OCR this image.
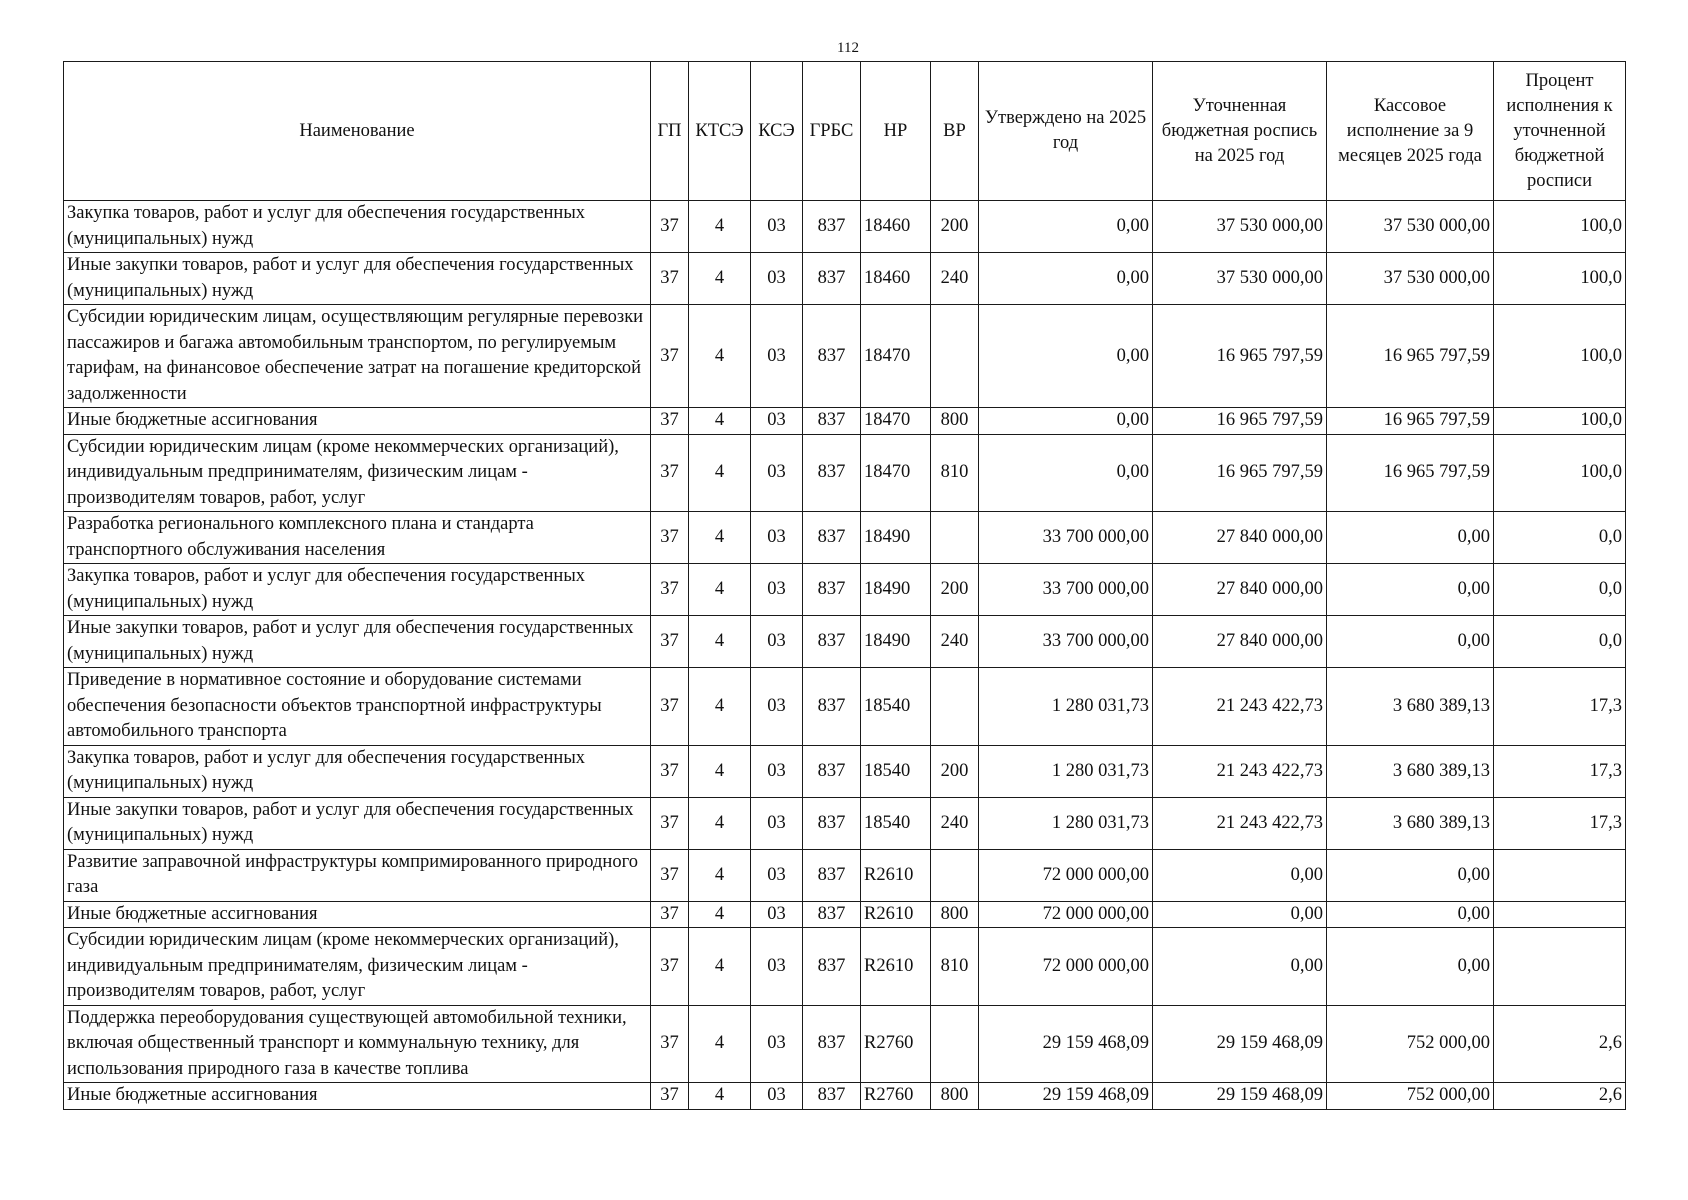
112
Наименование	ГП	КТСЭ	КСЭ	ГРБС	НР	ВР	Утверждено на 2025 год	Уточненная бюджетная роспись на 2025 год	Кассовое исполнение за 9 месяцев 2025 года	Процент исполнения к уточненной бюджетной росписи
Закупка товаров, работ и услуг для обеспечения государственных (муниципальных) нужд	37	4	03	837	18460	200	0,00	37 530 000,00	37 530 000,00	100,0
Иные закупки товаров, работ и услуг для обеспечения государственных (муниципальных) нужд	37	4	03	837	18460	240	0,00	37 530 000,00	37 530 000,00	100,0
Субсидии юридическим лицам, осуществляющим регулярные перевозки пассажиров и багажа автомобильным транспортом, по регулируемым тарифам, на финансовое обеспечение затрат на погашение кредиторской задолженности	37	4	03	837	18470		0,00	16 965 797,59	16 965 797,59	100,0
Иные бюджетные ассигнования	37	4	03	837	18470	800	0,00	16 965 797,59	16 965 797,59	100,0
Субсидии юридическим лицам (кроме некоммерческих организаций), индивидуальным предпринимателям, физическим лицам - производителям товаров, работ, услуг	37	4	03	837	18470	810	0,00	16 965 797,59	16 965 797,59	100,0
Разработка регионального комплексного плана и стандарта транспортного обслуживания населения	37	4	03	837	18490		33 700 000,00	27 840 000,00	0,00	0,0
Закупка товаров, работ и услуг для обеспечения государственных (муниципальных) нужд	37	4	03	837	18490	200	33 700 000,00	27 840 000,00	0,00	0,0
Иные закупки товаров, работ и услуг для обеспечения государственных (муниципальных) нужд	37	4	03	837	18490	240	33 700 000,00	27 840 000,00	0,00	0,0
Приведение в нормативное состояние и оборудование системами обеспечения безопасности объектов транспортной инфраструктуры автомобильного транспорта	37	4	03	837	18540		1 280 031,73	21 243 422,73	3 680 389,13	17,3
Закупка товаров, работ и услуг для обеспечения государственных (муниципальных) нужд	37	4	03	837	18540	200	1 280 031,73	21 243 422,73	3 680 389,13	17,3
Иные закупки товаров, работ и услуг для обеспечения государственных (муниципальных) нужд	37	4	03	837	18540	240	1 280 031,73	21 243 422,73	3 680 389,13	17,3
Развитие заправочной инфраструктуры компримированного природного газа	37	4	03	837	R2610		72 000 000,00	0,00	0,00	
Иные бюджетные ассигнования	37	4	03	837	R2610	800	72 000 000,00	0,00	0,00	
Субсидии юридическим лицам (кроме некоммерческих организаций), индивидуальным предпринимателям, физическим лицам - производителям товаров, работ, услуг	37	4	03	837	R2610	810	72 000 000,00	0,00	0,00	
Поддержка переоборудования существующей автомобильной техники, включая общественный транспорт и коммунальную технику, для использования природного газа в качестве топлива	37	4	03	837	R2760		29 159 468,09	29 159 468,09	752 000,00	2,6
Иные бюджетные ассигнования	37	4	03	837	R2760	800	29 159 468,09	29 159 468,09	752 000,00	2,6
